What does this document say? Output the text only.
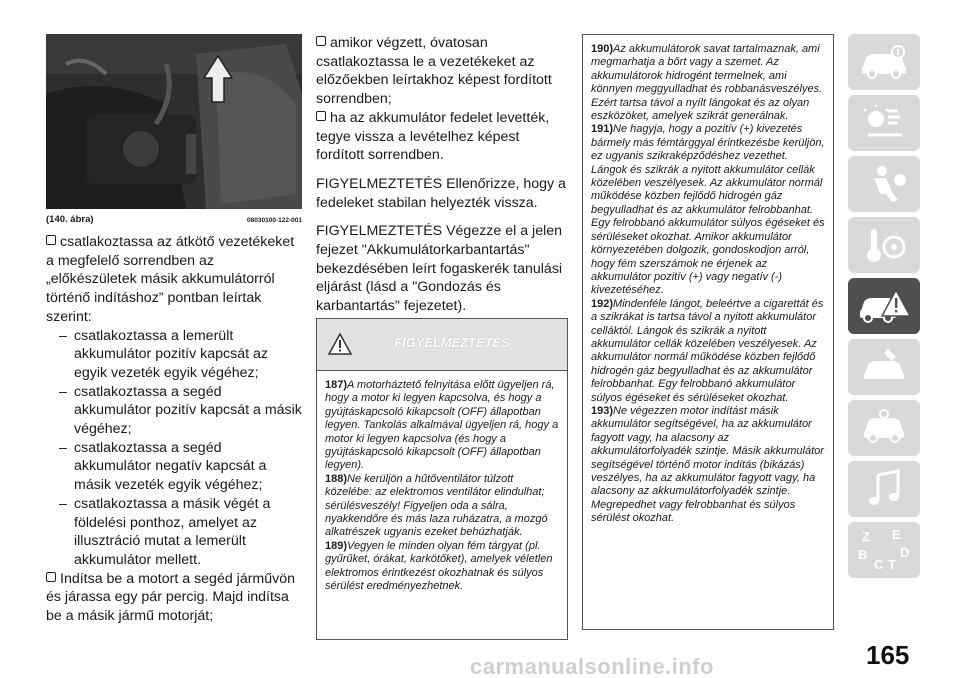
(140. ábra)	08030100-122-001
csatlakoztassa az átkötő vezetékeket a megfelelő sorrendben az „előkészületek másik akkumulátorról történő indításhoz” pontban leírtak szerint:
– csatlakoztassa a lemerült akkumulátor pozitív kapcsát az egyik vezeték egyik végéhez;
– csatlakoztassa a segéd akkumulátor pozitív kapcsát a másik végéhez;
– csatlakoztassa a segéd akkumulátor negatív kapcsát a másik vezeték egyik végéhez;
– csatlakoztassa a másik végét a földelési ponthoz, amelyet az illusztráció mutat a lemerült akkumulátor mellett.
Indítsa be a motort a segéd járművön és járassa egy pár percig. Majd indítsa be a másik jármű motorját;
amikor végzett, óvatosan csatlakoztassa le a vezetékeket az előzőekben leírtakhoz képest fordított sorrendben;
ha az akkumulátor fedelet levették, tegye vissza a levételhez képest fordított sorrendben.
FIGYELMEZTETÉS Ellenőrizze, hogy a fedeleket stabilan helyezték vissza.
FIGYELMEZTETÉS Végezze el a jelen fejezet "Akkumulátorkarbantartás" bekezdésében leírt fogaskerék tanulási eljárást (lásd a "Gondozás és karbantartás" fejezetet).
FIGYELMEZTETÉS
187)A motorháztető felnyitása előtt ügyeljen rá, hogy a motor ki legyen kapcsolva, és hogy a gyújtáskapcsoló kikapcsolt (OFF) állapotban legyen. Tankolás alkalmával ügyeljen rá, hogy a motor ki legyen kapcsolva (és hogy a gyújtáskapcsoló kikapcsolt (OFF) állapotban legyen).
188)Ne kerüljön a hűtőventilátor túlzott közelébe: az elektromos ventilátor elindulhat; sérülésveszély! Figyeljen oda a sálra, nyakkendőre és más laza ruházatra, a mozgó alkatrészek ugyanis ezeket behúzhatják.
189)Vegyen le minden olyan fém tárgyat (pl. gyűrűket, órákat, karkötőket), amelyek véletlen elektromos érintkezést okozhatnak és súlyos sérülést eredményezhetnek.
190)Az akkumulátorok savat tartalmaznak, ami megmarhatja a bőrt vagy a szemet. Az akkumulátorok hidrogént termelnek, ami könnyen meggyulladhat és robbanásveszélyes. Ezért tartsa távol a nyílt lángokat és az olyan eszközöket, amelyek szikrát generálnak.
191)Ne hagyja, hogy a pozitív (+) kivezetés bármely más fémtárggyal érintkezésbe kerüljön, ez ugyanis szikraképződéshez vezethet. Lángok és szikrák a nyitott akkumulátor cellák közelében veszélyesek. Az akkumulátor normál működése közben fejlődő hidrogén gáz begyulladhat és az akkumulátor felrobbanhat. Egy felrobbanó akkumulátor súlyos égéseket és sérüléseket okozhat. Amikor akkumulátor környezetében dolgozik, gondoskodjon arról, hogy fém szerszámok ne érjenek az akkumulátor pozitív (+) vagy negatív (-) kivezetéséhez.
192)Mindenféle lángot, beleértve a cigarettát és a szikrákat is tartsa távol a nyitott akkumulátor celláktól. Lángok és szikrák a nyitott akkumulátor cellák közelében veszélyesek. Az akkumulátor normál működése közben fejlődő hidrogén gáz begyulladhat és az akkumulátor felrobbanhat. Egy felrobbanó akkumulátor súlyos égéseket és sérüléseket okozhat.
193)Ne végezzen motor indítást másik akkumulátor segítségével, ha az akkumulátor fagyott vagy, ha alacsony az akkumulátorfolyadék szintje. Másik akkumulátor segítségével történő motor indítás (bikázás) veszélyes, ha az akkumulátor fagyott vagy, ha alacsony az akkumulátorfolyadék szintje. Megrepedhet vagy felrobbanhat és súlyos sérülést okozhat.
Z E
B
C T
D
165
carmanualsonline.info
